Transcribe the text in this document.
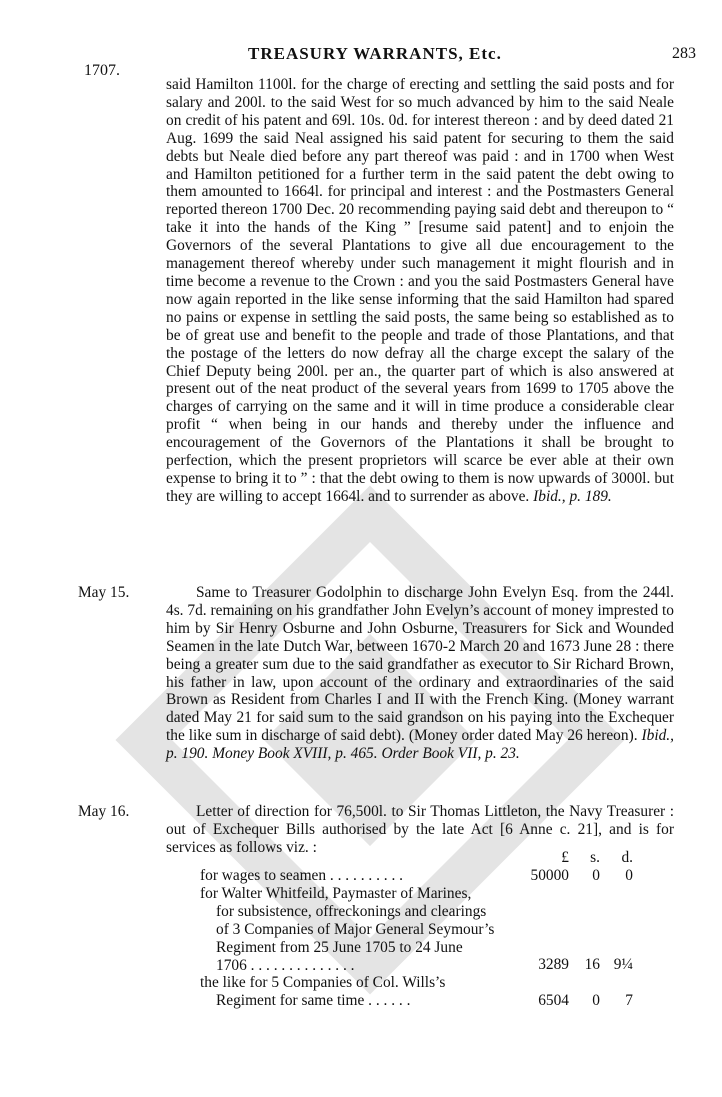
TREASURY WARRANTS, Etc.	283
1707.
said Hamilton 1100l. for the charge of erecting and settling the said posts and for salary and 200l. to the said West for so much advanced by him to the said Neale on credit of his patent and 69l. 10s. 0d. for interest thereon : and by deed dated 21 Aug. 1699 the said Neal assigned his said patent for securing to them the said debts but Neale died before any part thereof was paid : and in 1700 when West and Hamilton petitioned for a further term in the said patent the debt owing to them amounted to 1664l. for principal and interest : and the Postmasters General reported thereon 1700 Dec. 20 recommending paying said debt and thereupon to “ take it into the hands of the King ” [resume said patent] and to enjoin the Governors of the several Plantations to give all due encouragement to the management thereof whereby under such management it might flourish and in time become a revenue to the Crown : and you the said Postmasters General have now again reported in the like sense informing that the said Hamilton had spared no pains or expense in settling the said posts, the same being so established as to be of great use and benefit to the people and trade of those Plantations, and that the postage of the letters do now defray all the charge except the salary of the Chief Deputy being 200l. per an., the quarter part of which is also answered at present out of the neat product of the several years from 1699 to 1705 above the charges of carrying on the same and it will in time produce a considerable clear profit “ when being in our hands and thereby under the influence and encouragement of the Governors of the Plantations it shall be brought to perfection, which the present proprietors will scarce be ever able at their own expense to bring it to ” : that the debt owing to them is now upwards of 3000l. but they are willing to accept 1664l. and to surrender as above. Ibid., p. 189.
May 15.	Same to Treasurer Godolphin to discharge John Evelyn Esq. from the 244l. 4s. 7d. remaining on his grandfather John Evelyn’s account of money imprested to him by Sir Henry Osburne and John Osburne, Treasurers for Sick and Wounded Seamen in the late Dutch War, between 1670-2 March 20 and 1673 June 28 : there being a greater sum due to the said grandfather as executor to Sir Richard Brown, his father in law, upon account of the ordinary and extraordinaries of the said Brown as Resident from Charles I and II with the French King. (Money warrant dated May 21 for said sum to the said grandson on his paying into the Exchequer the like sum in discharge of said debt). (Money order dated May 26 hereon). Ibid., p. 190. Money Book XVIII, p. 465. Order Book VII, p. 23.
May 16.	Letter of direction for 76,500l. to Sir Thomas Littleton, the Navy Treasurer : out of Exchequer Bills authorised by the late Act [6 Anne c. 21], and is for services as follows viz. :
£	s.	d.
for wages to seamen . . . . . . . . . .	50000	0	0
for Walter Whitfeild, Paymaster of Marines,
for subsistence, offreckonings and clearings
of 3 Companies of Major General Seymour’s
Regiment from 25 June 1705 to 24 June
1706 . . . . . . . . . . . . . .	3289	16 9¼
the like for 5 Companies of Col. Wills’s
Regiment for same time . . . . . .	6504	0	7
